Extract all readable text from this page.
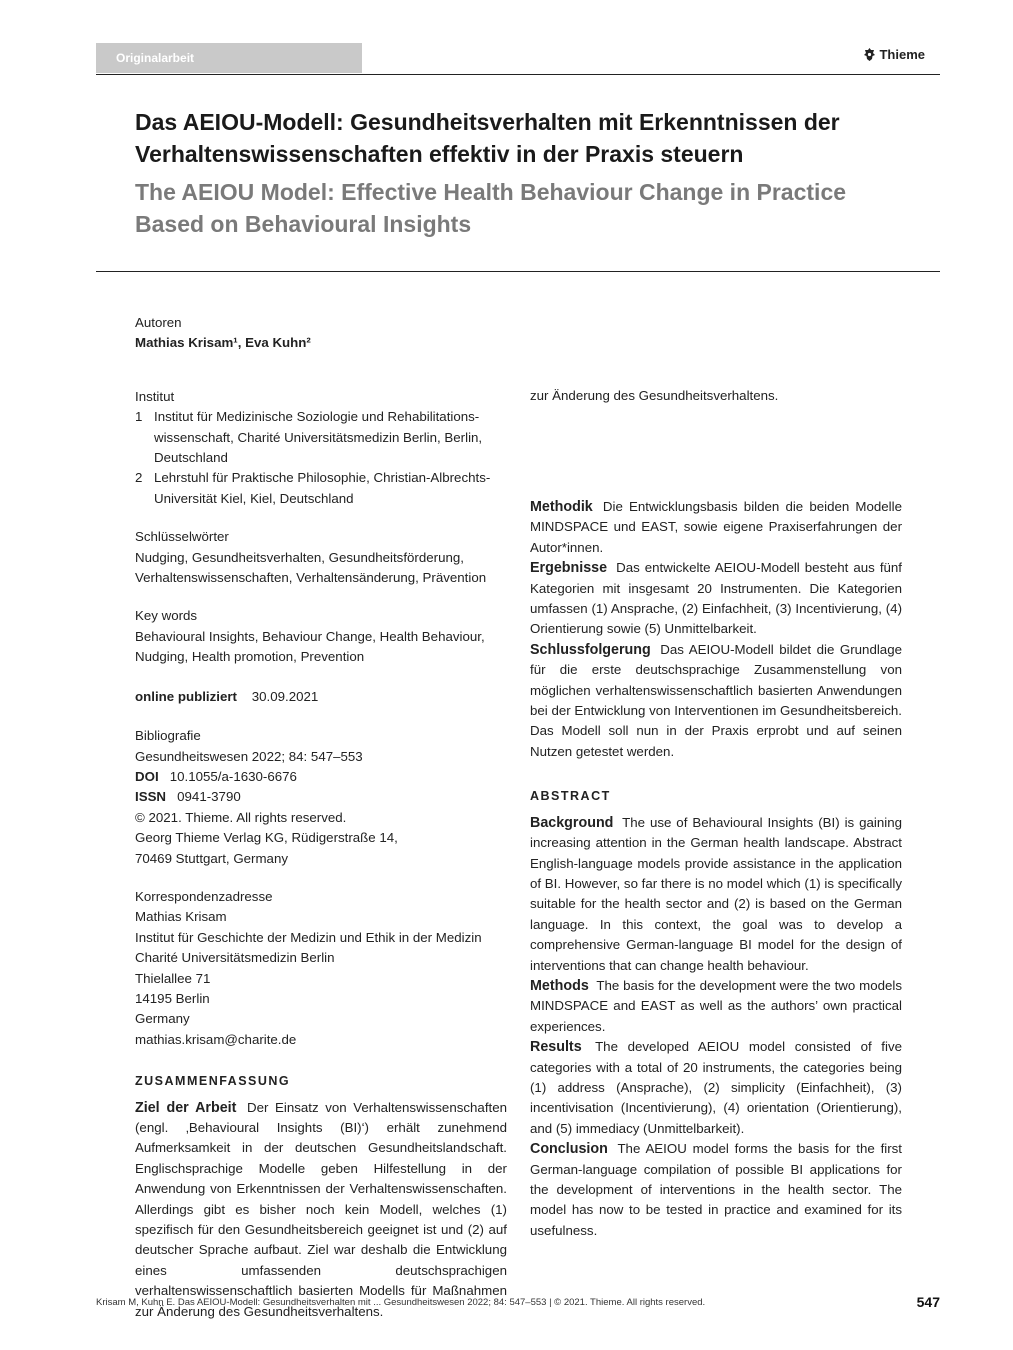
Originalarbeit	Thieme
Das AEIOU-Modell: Gesundheitsverhalten mit Erkenntnissen der Verhaltenswissenschaften effektiv in der Praxis steuern
The AEIOU Model: Effective Health Behaviour Change in Practice Based on Behavioural Insights
Autoren
Mathias Krisam¹, Eva Kuhn²
Institut
1 Institut für Medizinische Soziologie und Rehabilitations-
wissenschaft, Charité Universitätsmedizin Berlin, Berlin,
Deutschland
2 Lehrstuhl für Praktische Philosophie, Christian-Albrechts-
Universität Kiel, Kiel, Deutschland
Schlüsselwörter
Nudging, Gesundheitsverhalten, Gesundheitsförderung,
Verhaltenswissenschaften, Verhaltensänderung, Prävention
Key words
Behavioural Insights, Behaviour Change, Health Behaviour,
Nudging, Health promotion, Prevention
online publiziert 30.09.2021
Bibliografie
Gesundheitswesen 2022; 84: 547–553
DOI 10.1055/a-1630-6676
ISSN 0941-3790
© 2021. Thieme. All rights reserved.
Georg Thieme Verlag KG, Rüdigerstraße 14,
70469 Stuttgart, Germany
Korrespondenzadresse
Mathias Krisam
Institut für Geschichte der Medizin und Ethik in der Medizin
Charité Universitätsmedizin Berlin
Thielallee 71
14195 Berlin
Germany
mathias.krisam@charite.de
ZUSAMMENFASSUNG

Ziel der Arbeit Der Einsatz von Verhaltenswissenschaften (engl. ‚Behavioural Insights (BI)‘) erhält zunehmend Aufmerksamkeit in der deutschen Gesundheitslandschaft. Englischsprachige Modelle geben Hilfestellung in der Anwendung von Erkenntnissen der Verhaltenswissenschaften. Allerdings gibt es bisher noch kein Modell, welches (1) spezifisch für den Gesundheitsbereich geeignet ist und (2) auf deutscher Sprache aufbaut. Ziel war deshalb die Entwicklung eines umfassenden deutschsprachigen verhaltenswissenschaftlich basierten Modells für Maßnahmen zur Änderung des Gesundheitsverhaltens.

zur Änderung des Gesundheitsverhaltens.

Methodik Die Entwicklungsbasis bilden die beiden Modelle MINDSPACE und EAST, sowie eigene Praxiserfahrungen der Autor*innen.

Ergebnisse Das entwickelte AEIOU-Modell besteht aus fünf Kategorien mit insgesamt 20 Instrumenten. Die Kategorien umfassen (1) Ansprache, (2) Einfachheit, (3) Incentivierung, (4) Orientierung sowie (5) Unmittelbarkeit.

Schlussfolgerung Das AEIOU-Modell bildet die Grundlage für die erste deutschsprachige Zusammenstellung von möglichen verhaltenswissenschaftlich basierten Anwendungen bei der Entwicklung von Interventionen im Gesundheitsbereich. Das Modell soll nun in der Praxis erprobt und auf seinen Nutzen getestet werden.

ABSTRACT

Background The use of Behavioural Insights (BI) is gaining increasing attention in the German health landscape. Abstract English-language models provide assistance in the application of BI. However, so far there is no model which (1) is specifically suitable for the health sector and (2) is based on the German language. In this context, the goal was to develop a comprehensive German-language BI model for the design of interventions that can change health behaviour.

Methods The basis for the development were the two models MINDSPACE and EAST as well as the authors’ own practical experiences.

Results The developed AEIOU model consisted of five categories with a total of 20 instruments, the categories being (1) address (Ansprache), (2) simplicity (Einfachheit), (3) incentivisation (Incentivierung), (4) orientation (Orientierung), and (5) immediacy (Unmittelbarkeit).

Conclusion The AEIOU model forms the basis for the first German-language compilation of possible BI applications for the development of interventions in the health sector. The model has now to be tested in practice and examined for its usefulness.

Krisam M, Kuhn E. Das AEIOU-Modell: Gesundheitsverhalten mit ... Gesundheitswesen 2022; 84: 547–553 | © 2021. Thieme. All rights reserved.	547
